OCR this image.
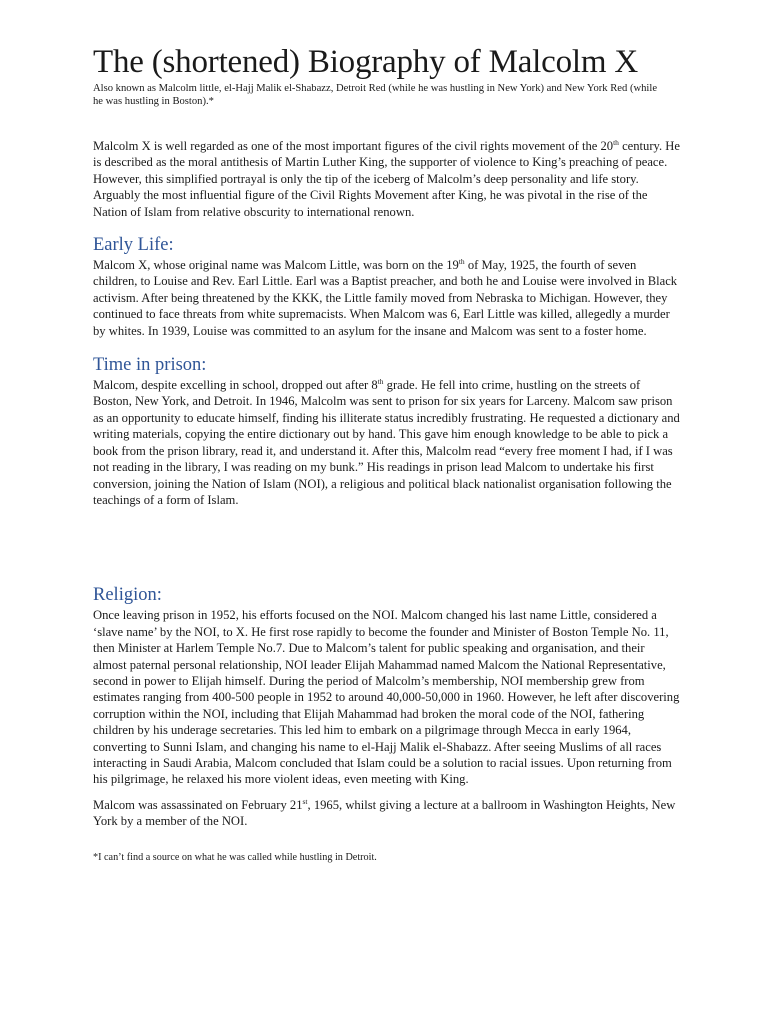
The (shortened) Biography of Malcolm X

Also known as Malcolm little, el-Hajj Malik el-Shabazz, Detroit Red (while he was hustling in New York) and New York Red (while he was hustling in Boston).*

Malcolm X is well regarded as one of the most important figures of the civil rights movement of the 20th century. He is described as the moral antithesis of Martin Luther King, the supporter of violence to King’s preaching of peace. However, this simplified portrayal is only the tip of the iceberg of Malcolm’s deep personality and life story. Arguably the most influential figure of the Civil Rights Movement after King, he was pivotal in the rise of the Nation of Islam from relative obscurity to international renown.

Early Life:

Malcom X, whose original name was Malcom Little, was born on the 19th of May, 1925, the fourth of seven children, to Louise and Rev. Earl Little. Earl was a Baptist preacher, and both he and Louise were involved in Black activism. After being threatened by the KKK, the Little family moved from Nebraska to Michigan. However, they continued to face threats from white supremacists. When Malcom was 6, Earl Little was killed, allegedly a murder by whites. In 1939, Louise was committed to an asylum for the insane and Malcom was sent to a foster home.

Time in prison:

Malcom, despite excelling in school, dropped out after 8th grade. He fell into crime, hustling on the streets of Boston, New York, and Detroit. In 1946, Malcolm was sent to prison for six years for Larceny. Malcom saw prison as an opportunity to educate himself, finding his illiterate status incredibly frustrating. He requested a dictionary and writing materials, copying the entire dictionary out by hand. This gave him enough knowledge to be able to pick a book from the prison library, read it, and understand it. After this, Malcolm read “every free moment I had, if I was not reading in the library, I was reading on my bunk.” His readings in prison lead Malcom to undertake his first conversion, joining the Nation of Islam (NOI), a religious and political black nationalist organisation following the teachings of a form of Islam.

Religion:

Once leaving prison in 1952, his efforts focused on the NOI. Malcom changed his last name Little, considered a ‘slave name’ by the NOI, to X. He first rose rapidly to become the founder and Minister of Boston Temple No. 11, then Minister at Harlem Temple No.7. Due to Malcom’s talent for public speaking and organisation, and their almost paternal personal relationship, NOI leader Elijah Mahammad named Malcom the National Representative, second in power to Elijah himself. During the period of Malcolm’s membership, NOI membership grew from estimates ranging from 400-500 people in 1952 to around 40,000-50,000 in 1960. However, he left after discovering corruption within the NOI, including that Elijah Mahammad had broken the moral code of the NOI, fathering children by his underage secretaries. This led him to embark on a pilgrimage through Mecca in early 1964, converting to Sunni Islam, and changing his name to el-Hajj Malik el-Shabazz. After seeing Muslims of all races interacting in Saudi Arabia, Malcom concluded that Islam could be a solution to racial issues. Upon returning from his pilgrimage, he relaxed his more violent ideas, even meeting with King.

Malcom was assassinated on February 21st, 1965, whilst giving a lecture at a ballroom in Washington Heights, New York by a member of the NOI.

*I can’t find a source on what he was called while hustling in Detroit.
